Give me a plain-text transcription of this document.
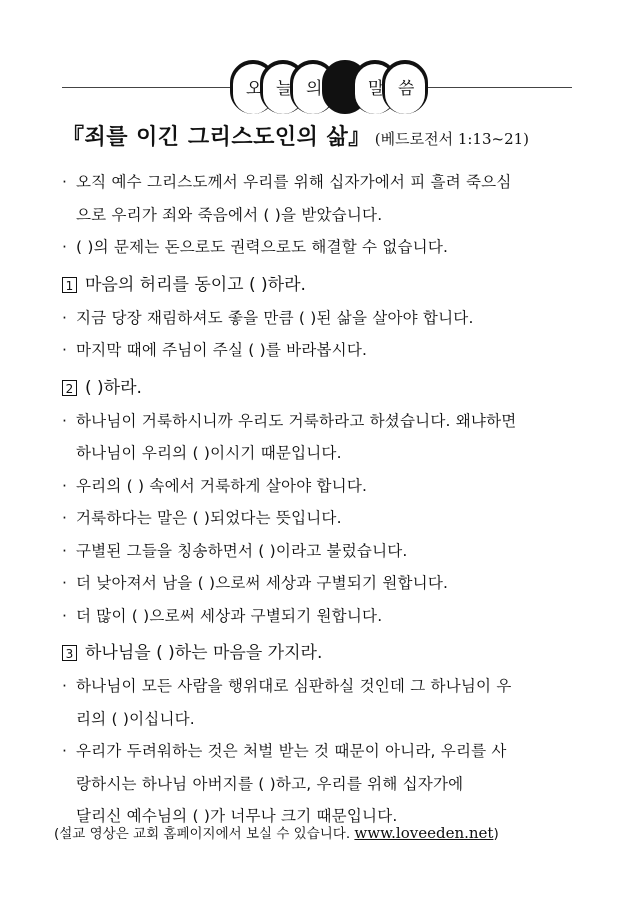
오 늘 의	말 씀
『죄를 이긴 그리스도인의 삶』 (베드로전서 1:13~21)
· 오직 예수 그리스도께서 우리를 위해 십자가에서 피 흘려 죽으심
으로 우리가 죄와 죽음에서 ( )을 받았습니다.
· ( )의 문제는 돈으로도 권력으로도 해결할 수 없습니다.
1 마음의 허리를 동이고 ( )하라.
· 지금 당장 재림하셔도 좋을 만큼 ( )된 삶을 살아야 합니다.
· 마지막 때에 주님이 주실 ( )를 바라봅시다.
2 ( )하라.
· 하나님이 거룩하시니까 우리도 거룩하라고 하셨습니다. 왜냐하면
하나님이 우리의 ( )이시기 때문입니다.
· 우리의 ( ) 속에서 거룩하게 살아야 합니다.
· 거룩하다는 말은 ( )되었다는 뜻입니다.
· 구별된 그들을 칭송하면서 ( )이라고 불렀습니다.
· 더 낮아져서 남을 ( )으로써 세상과 구별되기 원합니다.
· 더 많이 ( )으로써 세상과 구별되기 원합니다.
3 하나님을 ( )하는 마음을 가지라.
· 하나님이 모든 사람을 행위대로 심판하실 것인데 그 하나님이 우
리의 ( )이십니다.
· 우리가 두려워하는 것은 처벌 받는 것 때문이 아니라, 우리를 사
랑하시는 하나님 아버지를 ( )하고, 우리를 위해 십자가에
달리신 예수님의 ( )가 너무나 크기 때문입니다.
(설교 영상은 교회 홈페이지에서 보실 수 있습니다. www.loveeden.net)
